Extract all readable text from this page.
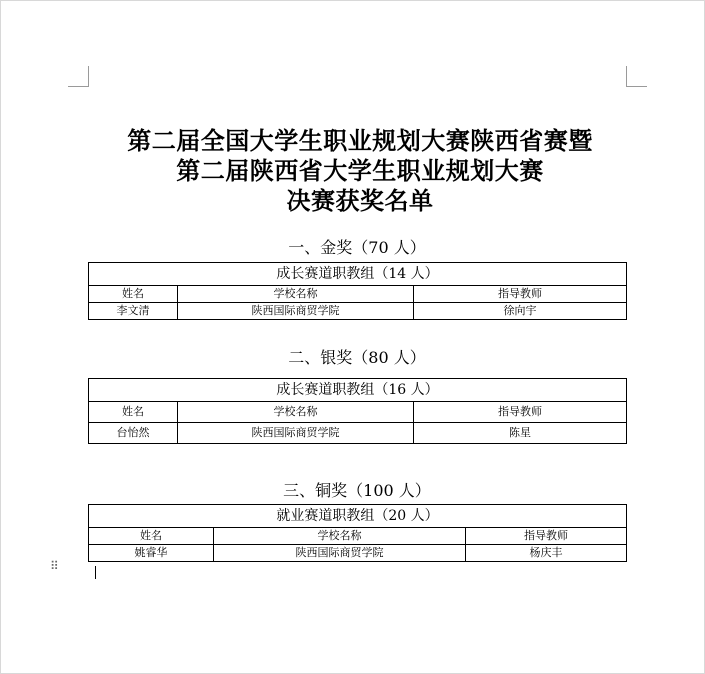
第二届全国大学生职业规划大赛陕西省赛暨
第二届陕西省大学生职业规划大赛
决赛获奖名单
一、金奖（70 人）
成长赛道职教组（14 人）		
姓名	学校名称	指导教师
李文清	陕西国际商贸学院	徐向宇
二、银奖（80 人）
成长赛道职教组（16 人）		
姓名	学校名称	指导教师
台怡然	陕西国际商贸学院	陈星
三、铜奖（100 人）
就业赛道职教组（20 人）		
姓名	学校名称	指导教师
姚睿华	陕西国际商贸学院	杨庆丰
⠿
